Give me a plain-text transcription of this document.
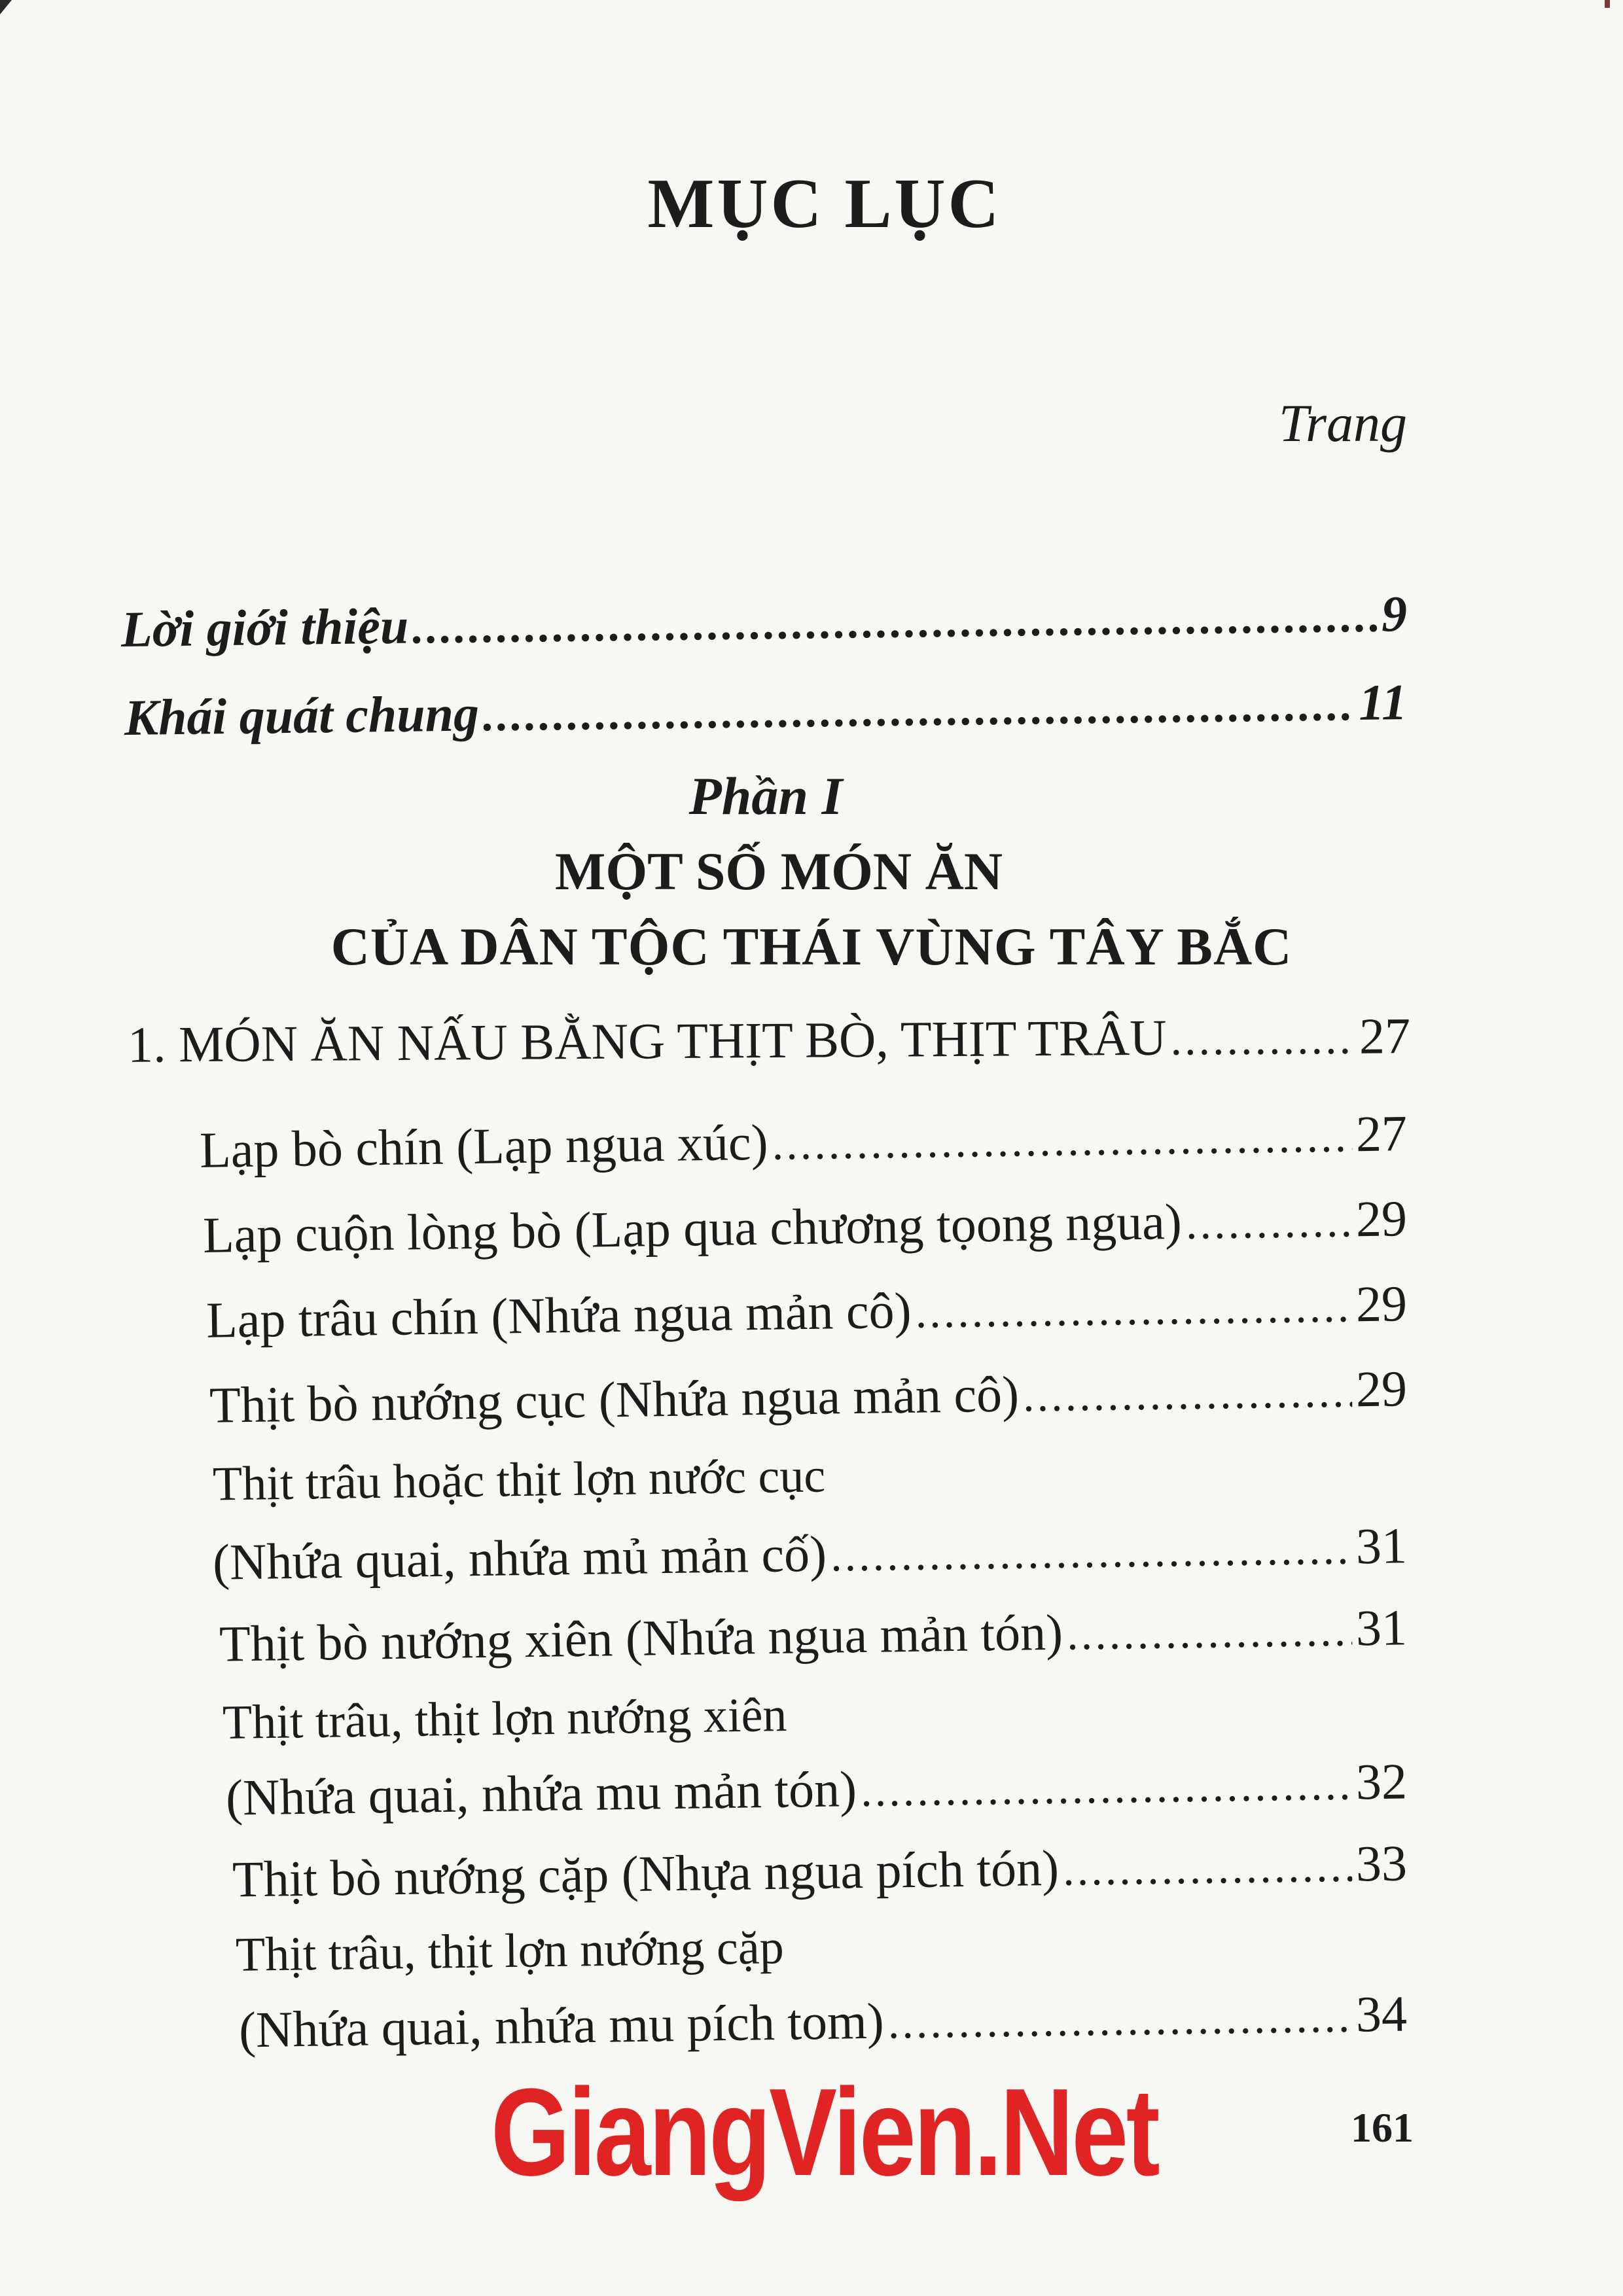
MỤC LỤC
Trang
Lời giới thiệu .....	9
Khái quát chung .....	11
Phần I
MỘT SỐ MÓN ĂN
CỦA DÂN TỘC THÁI VÙNG TÂY BẮC
1. MÓN ĂN NẤU BẰNG THỊT BÒ, THỊT TRÂU .....	27
Lạp bò chín (Lạp ngua xúc) .....	27
Lạp cuộn lòng bò (Lạp qua chương tọong ngua) .....	29
Lạp trâu chín (Nhứa ngua mản cô) .....	29
Thịt bò nướng cục (Nhứa ngua mản cô) .....	29
Thịt trâu hoặc thịt lợn nước cục
(Nhứa quai, nhứa mủ mản cố) .....	31
Thịt bò nướng xiên (Nhứa ngua mản tón) .....	31
Thịt trâu, thịt lợn nướng xiên
(Nhứa quai, nhứa mu mản tón) .....	32
Thịt bò nướng cặp (Nhựa ngua pích tón) .....	33
Thịt trâu, thịt lợn nướng cặp
(Nhứa quai, nhứa mu pích tom) .....	34
GiangVien.Net	161
